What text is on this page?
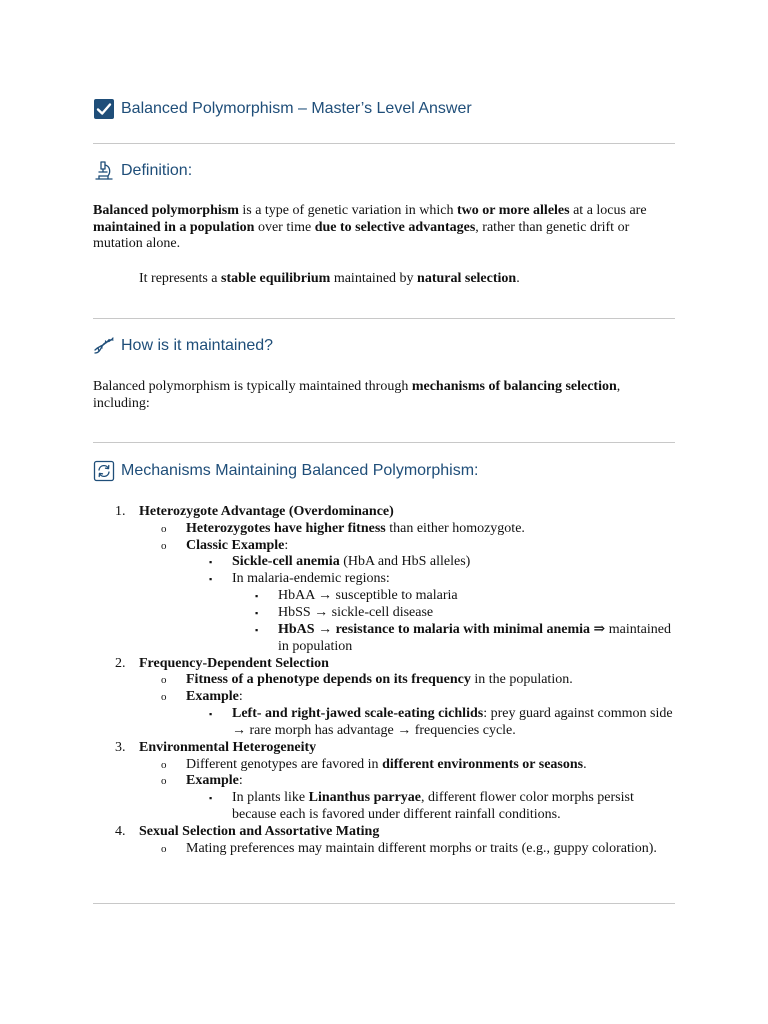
Balanced Polymorphism – Master’s Level Answer
Definition:
Balanced polymorphism is a type of genetic variation in which two or more alleles at a locus are maintained in a population over time due to selective advantages, rather than genetic drift or mutation alone.
It represents a stable equilibrium maintained by natural selection.
How is it maintained?
Balanced polymorphism is typically maintained through mechanisms of balancing selection, including:
Mechanisms Maintaining Balanced Polymorphism:
1. Heterozygote Advantage (Overdominance)
o Heterozygotes have higher fitness than either homozygote.
o Classic Example:
▪ Sickle-cell anemia (HbA and HbS alleles)
▪ In malaria-endemic regions:
▪ HbAA → susceptible to malaria
▪ HbSS → sickle-cell disease
▪ HbAS → resistance to malaria with minimal anemia ⇒ maintained in population
2. Frequency-Dependent Selection
o Fitness of a phenotype depends on its frequency in the population.
o Example:
▪ Left- and right-jawed scale-eating cichlids: prey guard against common side → rare morph has advantage → frequencies cycle.
3. Environmental Heterogeneity
o Different genotypes are favored in different environments or seasons.
o Example:
▪ In plants like Linanthus parryae, different flower color morphs persist because each is favored under different rainfall conditions.
4. Sexual Selection and Assortative Mating
o Mating preferences may maintain different morphs or traits (e.g., guppy coloration).
